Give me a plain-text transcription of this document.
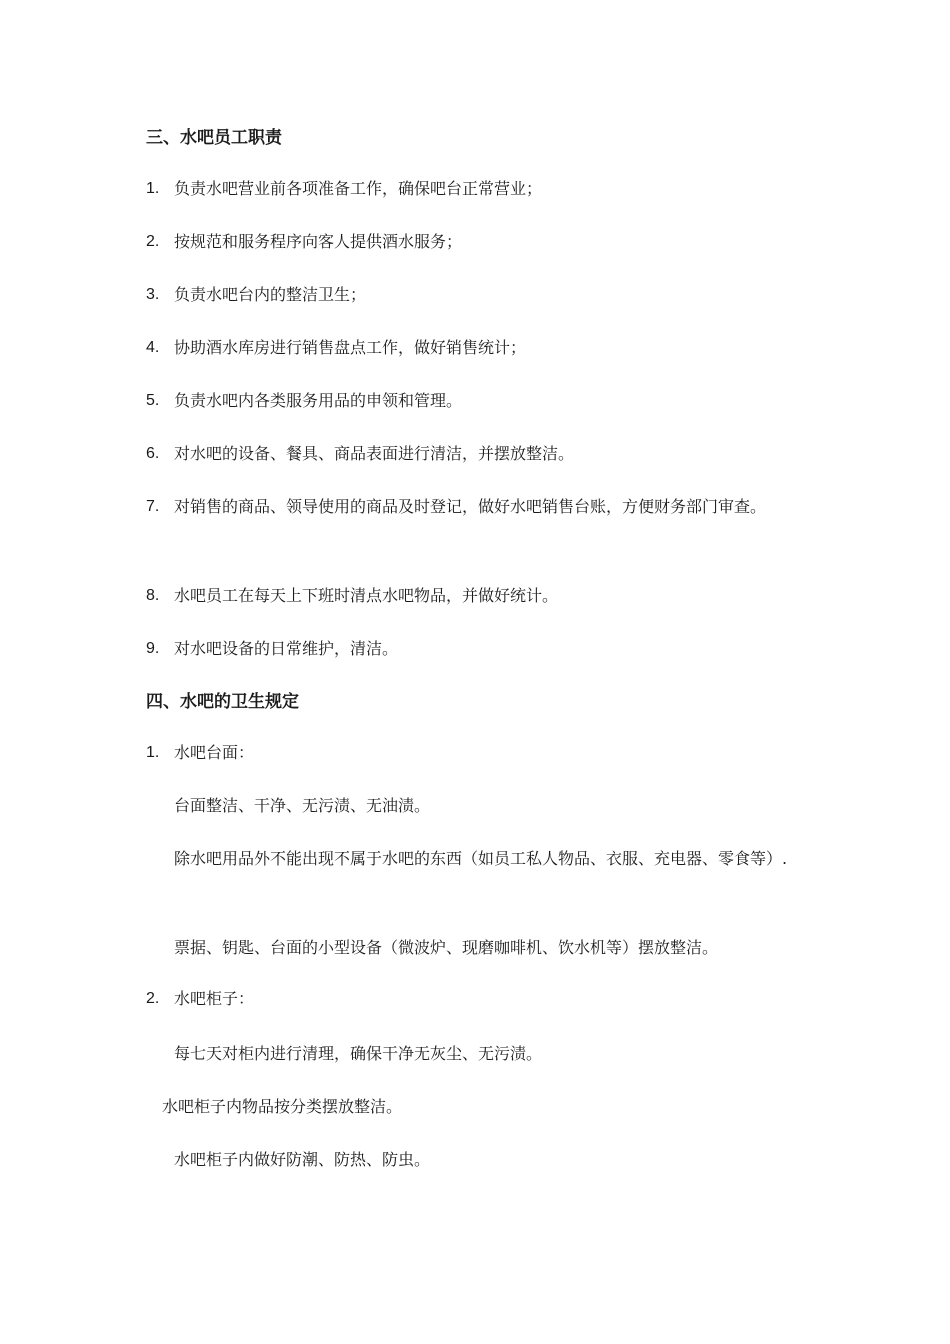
三、水吧员工职责
1. 负责水吧营业前各项准备工作，确保吧台正常营业；
2. 按规范和服务程序向客人提供酒水服务；
3. 负责水吧台内的整洁卫生；
4. 协助酒水库房进行销售盘点工作，做好销售统计；
5. 负责水吧内各类服务用品的申领和管理。
6. 对水吧的设备、餐具、商品表面进行清洁，并摆放整洁。
7. 对销售的商品、领导使用的商品及时登记，做好水吧销售台账，方便财务部门审查。
8. 水吧员工在每天上下班时清点水吧物品，并做好统计。
9. 对水吧设备的日常维护，清洁。
四、水吧的卫生规定
1. 水吧台面：
台面整洁、干净、无污渍、无油渍。
除水吧用品外不能出现不属于水吧的东西（如员工私人物品、衣服、充电器、零食等）.
票据、钥匙、台面的小型设备（微波炉、现磨咖啡机、饮水机等）摆放整洁。
2. 水吧柜子：
每七天对柜内进行清理，确保干净无灰尘、无污渍。
水吧柜子内物品按分类摆放整洁。
水吧柜子内做好防潮、防热、防虫。
